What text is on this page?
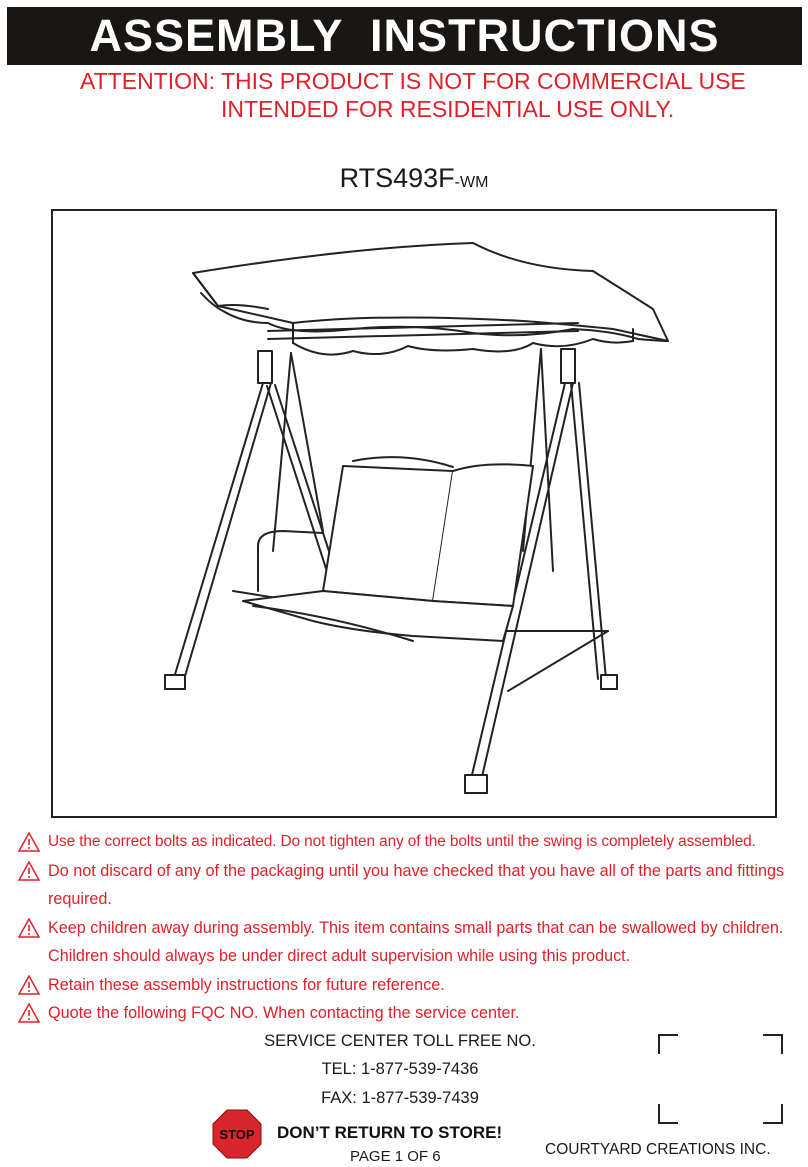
ASSEMBLY INSTRUCTIONS
ATTENTION: THIS PRODUCT IS NOT FOR COMMERCIAL USE
INTENDED FOR RESIDENTIAL USE ONLY.
RTS493F-WM
Use the correct bolts as indicated. Do not tighten any of the bolts until the swing is completely assembled.
Do not discard of any of the packaging until you have checked that you have all of the parts and fittings required.
Keep children away during assembly. This item contains small parts that can be swallowed by children. Children should always be under direct adult supervision while using this product.
Retain these assembly instructions for future reference.
Quote the following FQC NO. When contacting the service center.
SERVICE CENTER TOLL FREE NO.
TEL: 1-877-539-7436
FAX: 1-877-539-7439
STOP	DON’T RETURN TO STORE!
COURTYARD CREATIONS INC.
PAGE 1 OF 6
